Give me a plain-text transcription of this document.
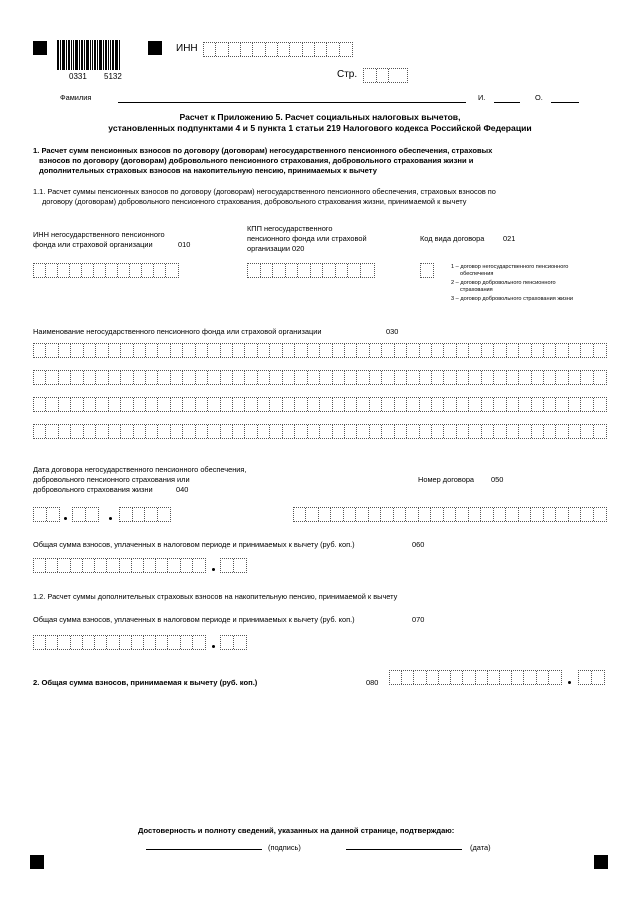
0331 5132
ИНН
Стр.
Фамилия	И.	О.
Расчет к Приложению 5. Расчет социальных налоговых вычетов,
установленных подпунктами 4 и 5 пункта 1 статьи 219 Налогового кодекса Российской Федерации
1. Расчет сумм пенсионных взносов по договору (договорам) негосударственного пенсионного обеспечения, страховых
взносов по договору (договорам) добровольного пенсионного страхования, добровольного страхования жизни и
дополнительных страховых взносов на накопительную пенсию, принимаемых к вычету
1.1. Расчет суммы пенсионных взносов по договору (договорам) негосударственного пенсионного обеспечения, страховых взносов по
договору (договорам) добровольного пенсионного страхования, добровольного страхования жизни, принимаемой к вычету
ИНН негосударственного пенсионного
фонда или страховой организации	010
КПП негосударственного
пенсионного фонда или страховой
организации 020
Код вида договора	021
1 – договор негосударственного пенсионного
обеспечения
2 – договор добровольного пенсионного
страхования
3 – договор добровольного страхования жизни
Наименование негосударственного пенсионного фонда или страховой организации	030
Дата договора негосударственного пенсионного обеспечения,
добровольного пенсионного страхования или
добровольного страхования жизни	040
Номер договора 050
Общая сумма взносов, уплаченных в налоговом периоде и принимаемых к вычету (руб. коп.)	060
1.2. Расчет суммы дополнительных страховых взносов на накопительную пенсию, принимаемой к вычету
Общая сумма взносов, уплаченных в налоговом периоде и принимаемых к вычету (руб. коп.)	070
2. Общая сумма взносов, принимаемая к вычету (руб. коп.)	080
Достоверность и полноту сведений, указанных на данной странице, подтверждаю:
(подпись)	(дата)
